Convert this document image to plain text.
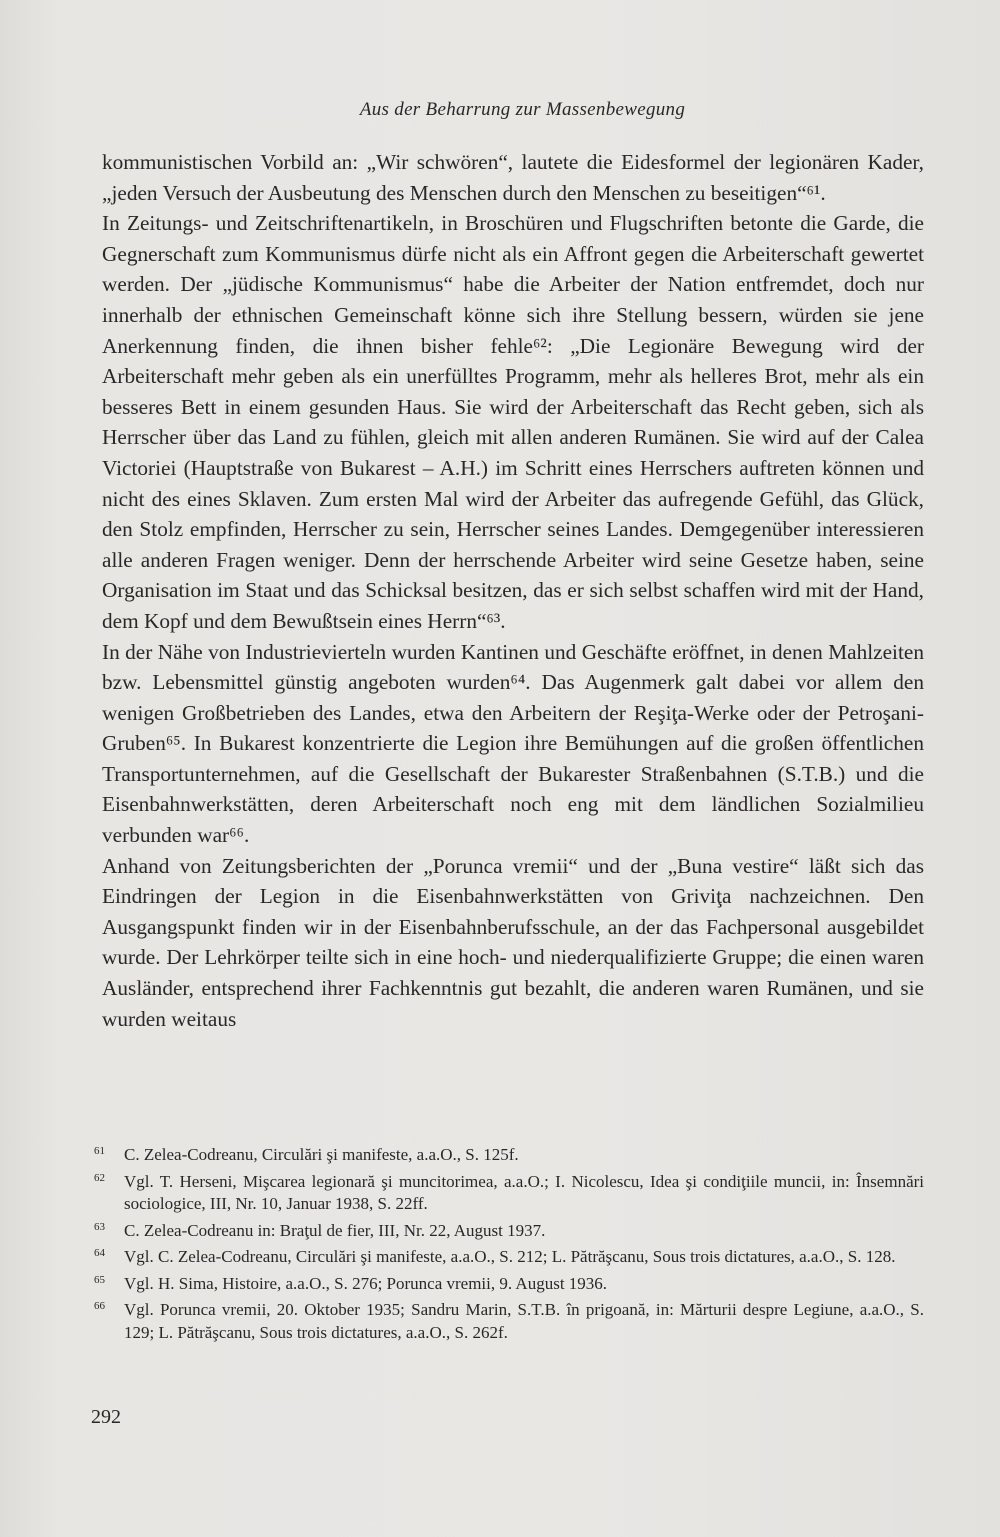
Aus der Beharrung zur Massenbewegung

kommunistischen Vorbild an: „Wir schwören“, lautete die Eidesformel der legionären Kader, „jeden Versuch der Ausbeutung des Menschen durch den Menschen zu beseitigen“⁶¹.

In Zeitungs- und Zeitschriftenartikeln, in Broschüren und Flugschriften betonte die Garde, die Gegnerschaft zum Kommunismus dürfe nicht als ein Affront gegen die Arbeiterschaft gewertet werden. Der „jüdische Kommunismus“ habe die Arbeiter der Nation entfremdet, doch nur innerhalb der ethnischen Gemeinschaft könne sich ihre Stellung bessern, würden sie jene Anerkennung finden, die ihnen bisher fehle⁶²: „Die Legionäre Bewegung wird der Arbeiterschaft mehr geben als ein unerfülltes Programm, mehr als helleres Brot, mehr als ein besseres Bett in einem gesunden Haus. Sie wird der Arbeiterschaft das Recht geben, sich als Herrscher über das Land zu fühlen, gleich mit allen anderen Rumänen. Sie wird auf der Calea Victoriei (Hauptstraße von Bukarest – A.H.) im Schritt eines Herrschers auftreten können und nicht des eines Sklaven. Zum ersten Mal wird der Arbeiter das aufregende Gefühl, das Glück, den Stolz empfinden, Herrscher zu sein, Herrscher seines Landes. Demgegenüber interessieren alle anderen Fragen weniger. Denn der herrschende Arbeiter wird seine Gesetze haben, seine Organisation im Staat und das Schicksal besitzen, das er sich selbst schaffen wird mit der Hand, dem Kopf und dem Bewußtsein eines Herrn“⁶³.

In der Nähe von Industrievierteln wurden Kantinen und Geschäfte eröffnet, in denen Mahlzeiten bzw. Lebensmittel günstig angeboten wurden⁶⁴. Das Augenmerk galt dabei vor allem den wenigen Großbetrieben des Landes, etwa den Arbeitern der Reşiţa-Werke oder der Petroşani-Gruben⁶⁵. In Bukarest konzentrierte die Legion ihre Bemühungen auf die großen öffentlichen Transportunternehmen, auf die Gesellschaft der Bukarester Straßenbahnen (S.T.B.) und die Eisenbahnwerkstätten, deren Arbeiterschaft noch eng mit dem ländlichen Sozialmilieu verbunden war⁶⁶.

Anhand von Zeitungsberichten der „Poruncа vremii“ und der „Buna vestire“ läßt sich das Eindringen der Legion in die Eisenbahnwerkstätten von Griviţa nachzeichnen. Den Ausgangspunkt finden wir in der Eisenbahnberufsschule, an der das Fachpersonal ausgebildet wurde. Der Lehrkörper teilte sich in eine hoch- und niederqualifizierte Gruppe; die einen waren Ausländer, entsprechend ihrer Fachkenntnis gut bezahlt, die anderen waren Rumänen, und sie wurden weitaus

61 C. Zelea-Codreanu, Circulări şi manifeste, a.a.O., S. 125f.

62 Vgl. T. Herseni, Mişcarea legionară şi muncitorimea, a.a.O.; I. Nicolescu, Idea şi condiţiile muncii, in: Însemnări sociologice, III, Nr. 10, Januar 1938, S. 22ff.

63 C. Zelea-Codreanu in: Braţul de fier, III, Nr. 22, August 1937.

64 Vgl. C. Zelea-Codreanu, Circulări şi manifeste, a.a.O., S. 212; L. Pătrăşcanu, Sous trois dictatures, a.a.O., S. 128.

65 Vgl. H. Sima, Histoire, a.a.O., S. 276; Porunca vremii, 9. August 1936.

66 Vgl. Porunca vremii, 20. Oktober 1935; Sandru Marin, S.T.B. în prigoană, in: Mărturii despre Legiune, a.a.O., S. 129; L. Pătrăşcanu, Sous trois dictatures, a.a.O., S. 262f.

292
